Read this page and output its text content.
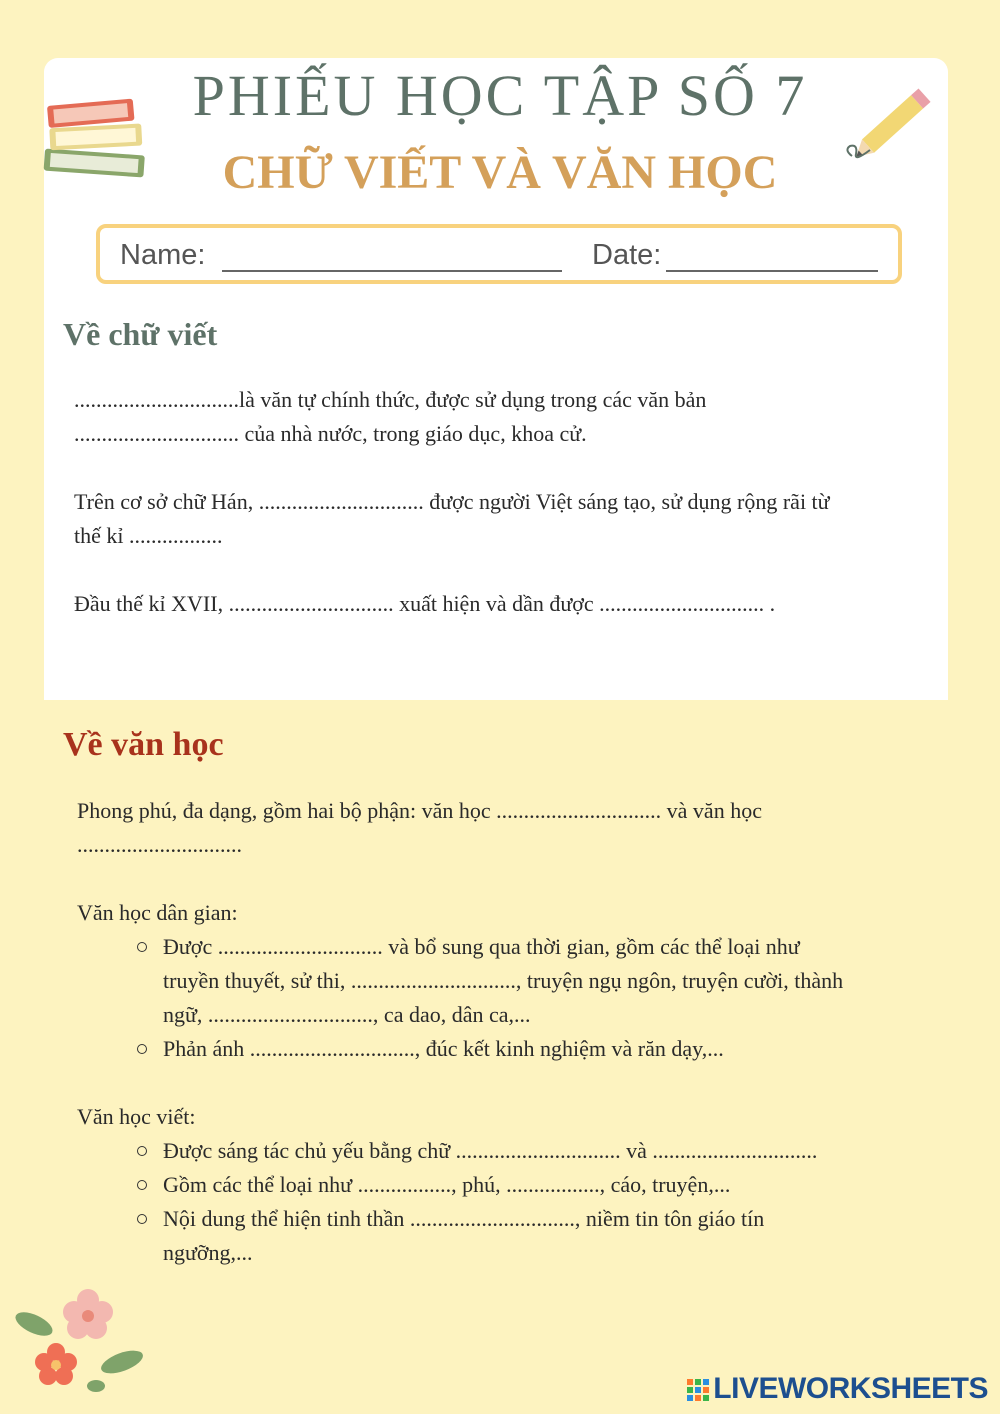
PHIẾU HỌC TẬP SỐ 7
CHỮ VIẾT VÀ VĂN HỌC
Name:	Date:
Về chữ viết

..............................là văn tự chính thức, được sử dụng trong các văn bản
.............................. của nhà nước, trong giáo dục, khoa cử.

Trên cơ sở chữ Hán, .............................. được người Việt sáng tạo, sử dụng rộng rãi từ
thế kỉ .................

Đầu thế kỉ XVII, .............................. xuất hiện và dần được .............................. .

Về văn học

Phong phú, đa dạng, gồm hai bộ phận: văn học .............................. và văn học
..............................

Văn học dân gian:

Được .............................. và bổ sung qua thời gian, gồm các thể loại như
truyền thuyết, sử thi, .............................., truyện ngụ ngôn, truyện cười, thành
ngữ, .............................., ca dao, dân ca,...
Phản ánh .............................., đúc kết kinh nghiệm và răn dạy,...

Văn học viết:

Được sáng tác chủ yếu bằng chữ .............................. và ..............................
Gồm các thể loại như ................., phú, ................., cáo, truyện,...
Nội dung thể hiện tinh thần .............................., niềm tin tôn giáo tín
ngưỡng,...
LIVEWORKSHEETS
